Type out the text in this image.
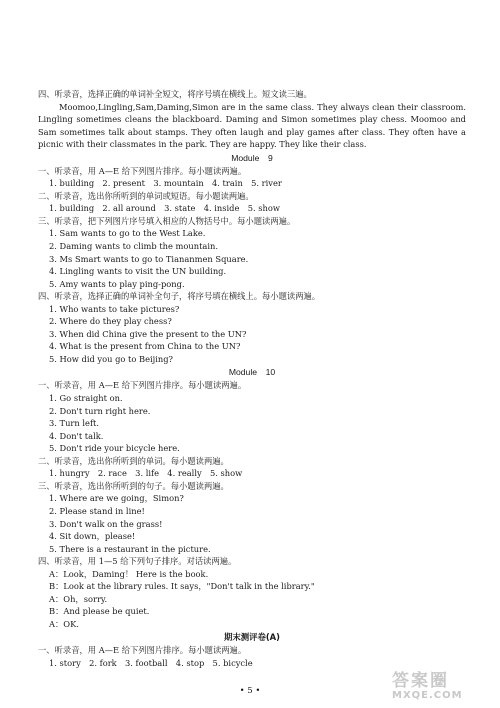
四、听录音，选择正确的单词补全短文，将序号填在横线上。短文读三遍。
Moomoo,Lingling,Sam,Daming,Simon are in the same class. They always clean their classroom. Lingling sometimes cleans the blackboard. Daming and Simon sometimes play chess. Moomoo and Sam sometimes talk about stamps. They often laugh and play games after class. They often have a picnic with their classmates in the park. They are happy. They like their class.
Module　9
一、听录音，用 A—E 给下列图片排序。每小题读两遍。
1. building　2. present　3. mountain　4. train　5. river
二、听录音，选出你所听到的单词或短语。每小题读两遍。
1. building　2. all around　3. state　4. inside　5. show
三、听录音，把下列图片序号填入相应的人物括号中。每小题读两遍。
1. Sam wants to go to the West Lake.
2. Daming wants to climb the mountain.
3. Ms Smart wants to go to Tiananmen Square.
4. Lingling wants to visit the UN building.
5. Amy wants to play ping-pong.
四、听录音，选择正确的单词补全句子，将序号填在横线上。每小题读两遍。
1. Who wants to take pictures?
2. Where do they play chess?
3. When did China give the present to the UN?
4. What is the present from China to the UN?
5. How did you go to Beijing?
Module　10
一、听录音，用 A—E 给下列图片排序。每小题读两遍。
1. Go straight on.
2. Don't turn right here.
3. Turn left.
4. Don't talk.
5. Don't ride your bicycle here.
二、听录音，选出你所听到的单词。每小题读两遍。
1. hungry　2. race　3. life　4. really　5. show
三、听录音，选出你所听到的句子。每小题读两遍。
1. Where are we going，Simon?
2. Please stand in line!
3. Don't walk on the grass!
4. Sit down，please!
5. There is a restaurant in the picture.
四、听录音，用 1—5 给下列句子排序。对话读两遍。
A：Look，Daming！ Here is the book.
B：Look at the library rules. It says，"Don't talk in the library."
A：Oh，sorry.
B：And please be quiet.
A：OK.
期末测评卷(A)
一、听录音，用 A—E 给下列图片排序。每小题读两遍。
1. story　2. fork　3. football　4. stop　5. bicycle
• 5 •	答案圈
MXQE.COM
